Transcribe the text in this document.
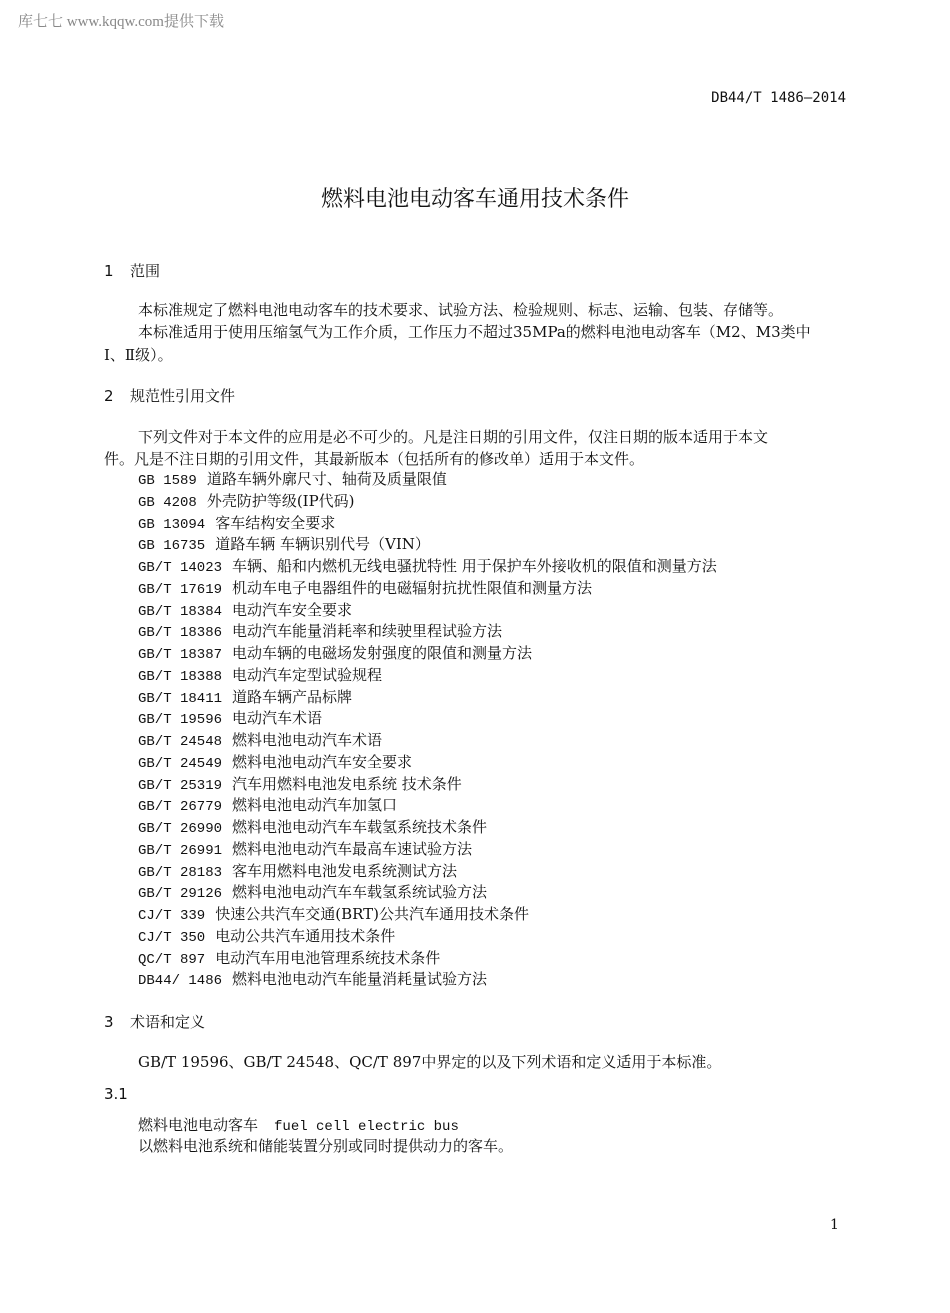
库七七 www.kqqw.com提供下载
DB44/T 1486—2014
燃料电池电动客车通用技术条件
1 范围
本标准规定了燃料电池电动客车的技术要求、试验方法、检验规则、标志、运输、包装、存储等。
本标准适用于使用压缩氢气为工作介质，工作压力不超过35MPa的燃料电池电动客车（M2、M3类中
Ⅰ、Ⅱ级）。
2 规范性引用文件
下列文件对于本文件的应用是必不可少的。凡是注日期的引用文件，仅注日期的版本适用于本文
件。凡是不注日期的引用文件，其最新版本（包括所有的修改单）适用于本文件。
GB 1589 道路车辆外廓尺寸、轴荷及质量限值
GB 4208 外壳防护等级(IP代码)
GB 13094 客车结构安全要求
GB 16735 道路车辆 车辆识别代号（VIN）
GB/T 14023 车辆、船和内燃机无线电骚扰特性 用于保护车外接收机的限值和测量方法
GB/T 17619 机动车电子电器组件的电磁辐射抗扰性限值和测量方法
GB/T 18384 电动汽车安全要求
GB/T 18386 电动汽车能量消耗率和续驶里程试验方法
GB/T 18387 电动车辆的电磁场发射强度的限值和测量方法
GB/T 18388 电动汽车定型试验规程
GB/T 18411 道路车辆产品标牌
GB/T 19596 电动汽车术语
GB/T 24548 燃料电池电动汽车术语
GB/T 24549 燃料电池电动汽车安全要求
GB/T 25319 汽车用燃料电池发电系统 技术条件
GB/T 26779 燃料电池电动汽车加氢口
GB/T 26990 燃料电池电动汽车车载氢系统技术条件
GB/T 26991 燃料电池电动汽车最高车速试验方法
GB/T 28183 客车用燃料电池发电系统测试方法
GB/T 29126 燃料电池电动汽车车载氢系统试验方法
CJ/T 339 快速公共汽车交通(BRT)公共汽车通用技术条件
CJ/T 350 电动公共汽车通用技术条件
QC/T 897 电动汽车用电池管理系统技术条件
DB44/ 1486 燃料电池电动汽车能量消耗量试验方法
3 术语和定义
GB/T 19596、GB/T 24548、QC/T 897中界定的以及下列术语和定义适用于本标准。
3.1
燃料电池电动客车 fuel cell electric bus
以燃料电池系统和储能装置分别或同时提供动力的客车。
1
